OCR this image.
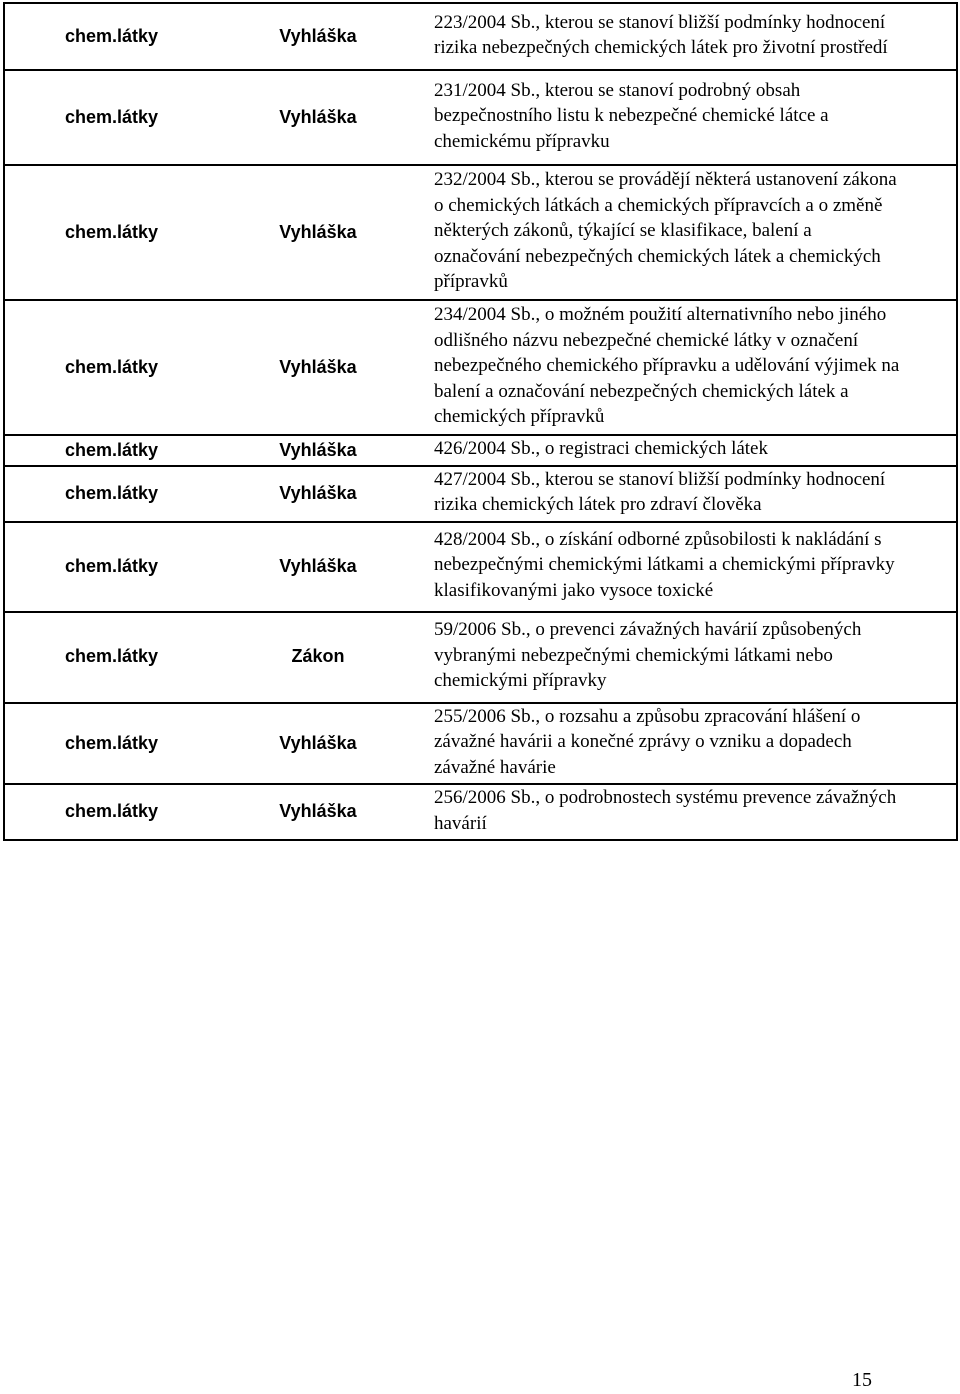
chem.látky	Vyhláška	223/2004 Sb., kterou se stanoví bližší podmínky hodnocení
rizika nebezpečných chemických látek pro životní prostředí

chem.látky	Vyhláška	231/2004 Sb., kterou se stanoví podrobný obsah
bezpečnostního listu k nebezpečné chemické látce a
chemickému přípravku

chem.látky	Vyhláška	232/2004 Sb., kterou se provádějí některá ustanovení zákona
o chemických látkách a chemických přípravcích a o změně
některých zákonů, týkající se klasifikace, balení a
označování nebezpečných chemických látek a chemických
přípravků

chem.látky	Vyhláška	234/2004 Sb., o možném použití alternativního nebo jiného
odlišného názvu nebezpečné chemické látky v označení
nebezpečného chemického přípravku a udělování výjimek na
balení a označování nebezpečných chemických látek a
chemických přípravků

chem.látky	Vyhláška	426/2004 Sb., o registraci chemických látek

chem.látky	Vyhláška	427/2004 Sb., kterou se stanoví bližší podmínky hodnocení
rizika chemických látek pro zdraví člověka

chem.látky	Vyhláška	428/2004 Sb., o získání odborné způsobilosti k nakládání s
nebezpečnými chemickými látkami a chemickými přípravky
klasifikovanými jako vysoce toxické

chem.látky	Zákon	59/2006 Sb., o prevenci závažných havárií způsobených
vybranými nebezpečnými chemickými látkami nebo
chemickými přípravky

chem.látky	Vyhláška	255/2006 Sb., o rozsahu a způsobu zpracování hlášení o
závažné havárii a konečné zprávy o vzniku a dopadech
závažné havárie

chem.látky	Vyhláška	256/2006 Sb., o podrobnostech systému prevence závažných
havárií
15
